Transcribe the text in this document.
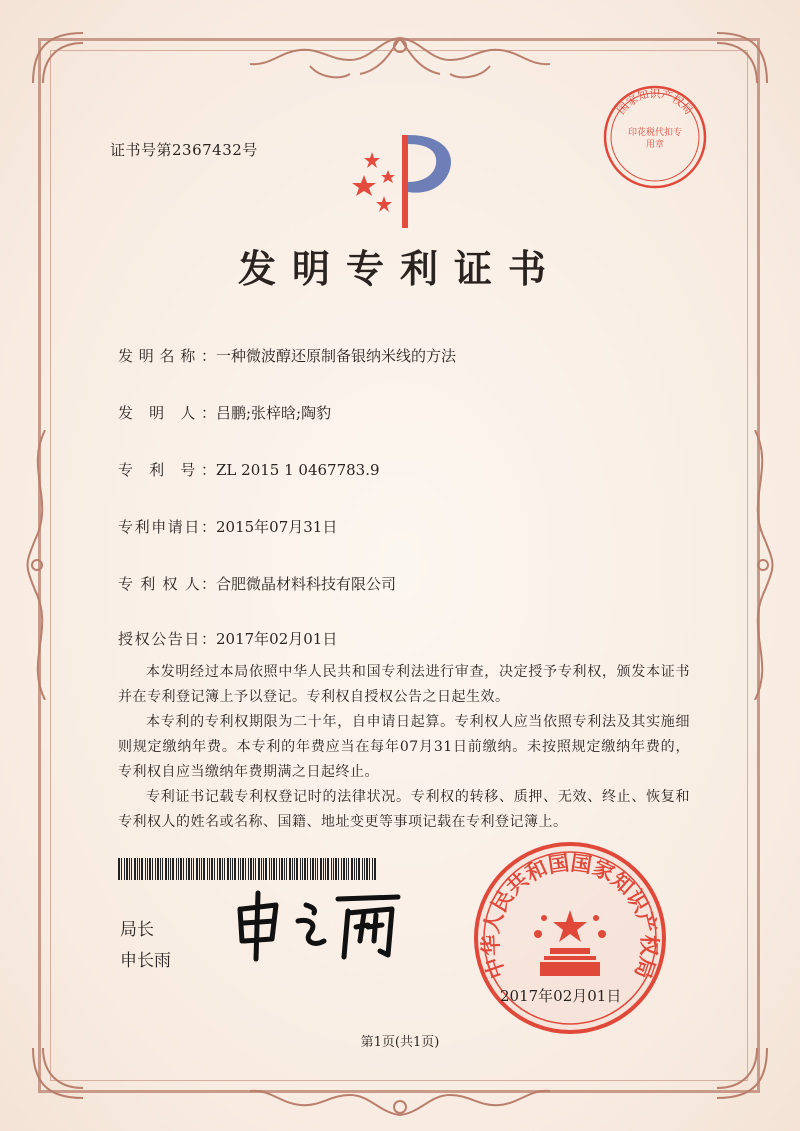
证书号第2367432号
国家知识产权局
印花税代扣专用章
发明专利证书
发明名称：一种微波醇还原制备银纳米线的方法
发 明 人：吕鹏;张梓晗;陶豹
专 利 号：ZL 2015 1 0467783.9
专利申请日：2015年07月31日
专 利 权 人：合肥微晶材料科技有限公司
授权公告日：2017年02月01日
本发明经过本局依照中华人民共和国专利法进行审查，决定授予专利权，颁发本证书并在专利登记簿上予以登记。专利权自授权公告之日起生效。
本专利的专利权期限为二十年，自申请日起算。专利权人应当依照专利法及其实施细则规定缴纳年费。本专利的年费应当在每年07月31日前缴纳。未按照规定缴纳年费的，专利权自应当缴纳年费期满之日起终止。
专利证书记载专利权登记时的法律状况。专利权的转移、质押、无效、终止、恢复和专利权人的姓名或名称、国籍、地址变更等事项记载在专利登记簿上。
局长
申长雨	中华人民共和国国家知识产权局
2017年02月01日
第1页(共1页)
